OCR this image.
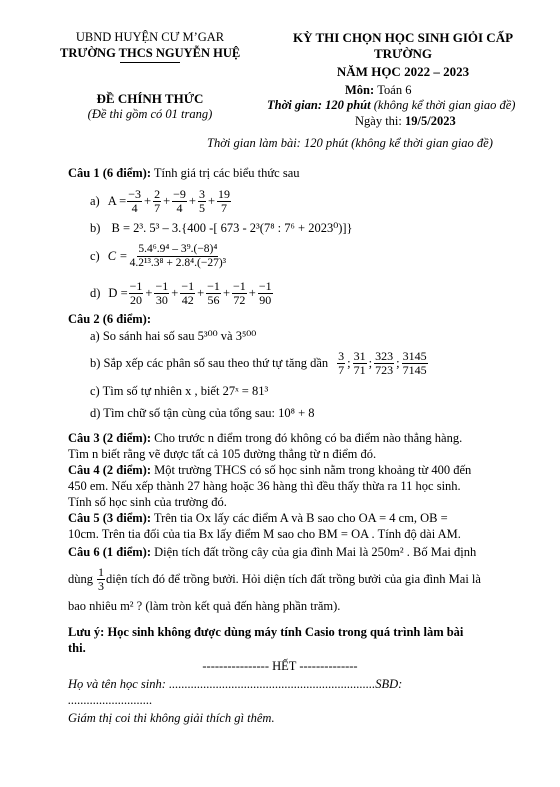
UBND HUYỆN CƯ M’GAR
TRƯỜNG THCS NGUYỄN HUỆ
ĐỀ CHÍNH THỨC
(Đề thi gồm có 01 trang)
KỲ THI CHỌN HỌC SINH GIỎI CẤP
TRƯỜNG
NĂM HỌC 2022 – 2023
Môn: Toán 6
Thời gian: 120 phút (không kể thời gian giao đề)
Ngày thi: 19/5/2023
Thời gian làm bài: 120 phút (không kể thời gian giao đề)
Câu 1 (6 điểm): Tính giá trị các biểu thức sau
a) $A = \frac{-3}{4} + \frac{2}{7} + \frac{-9}{4} + \frac{3}{5} + \frac{19}{7}$
b) B = 2³. 5³ – 3.{400 -[ 673 - 2³(7⁸ : 7⁶ + 2023⁰)]}
c) $C = \frac{\text{5.4⁶.9⁴ – 3⁹.(−8)⁴}}{\text{4.2¹³.3⁸ + 2.8⁴.(−27)³}}$
d) $D = \frac{-1}{20} + \frac{-1}{30} + \frac{-1}{42} + \frac{-1}{56} + \frac{-1}{72} + \frac{-1}{90}$
Câu 2 (6 điểm):
a) So sánh hai số sau 5³⁰⁰ và 3⁵⁰⁰
b) Sắp xếp các phân số sau theo thứ tự tăng dần $\frac{3}{7}$ ; $\frac{31}{71}$ ; $\frac{323}{723}$ ; $\frac{3145}{7145}$
c) Tìm số tự nhiên x , biết 27ˣ = 81³
d) Tìm chữ số tận cùng của tổng sau: 10⁸ + 8
Câu 3 (2 điểm): Cho trước n điểm trong đó không có ba điểm nào thẳng hàng.
Tìm n biết rằng vẽ được tất cả 105 đường thẳng từ n điểm đó.
Câu 4 (2 điểm): Một trường THCS có số học sinh nằm trong khoảng từ 400 đến
450 em. Nếu xếp thành 27 hàng hoặc 36 hàng thì đều thấy thừa ra 11 học sinh.
Tính số học sinh của trường đó.
Câu 5 (3 điểm): Trên tia Ox lấy các điểm A và B sao cho OA = 4 cm, OB =
10cm. Trên tia đối của tia Bx lấy điểm M sao cho BM = OA . Tính độ dài AM.
Câu 6 (1 điểm): Diện tích đất trồng cây của gia đình Mai là 250m² . Bố Mai định
dùng $\frac{1}{3}$ diện tích đó để trồng bưởi. Hỏi diện tích đất trồng bưởi của gia đình Mai là
bao nhiêu m² ? (làm tròn kết quả đến hàng phần trăm).
Lưu ý: Học sinh không được dùng máy tính Casio trong quá trình làm bài
thi.
---------------- HẾT --------------
Họ và tên học sinh: ..................................................................SBD:
...........................
Giám thị coi thi không giải thích gì thêm.
